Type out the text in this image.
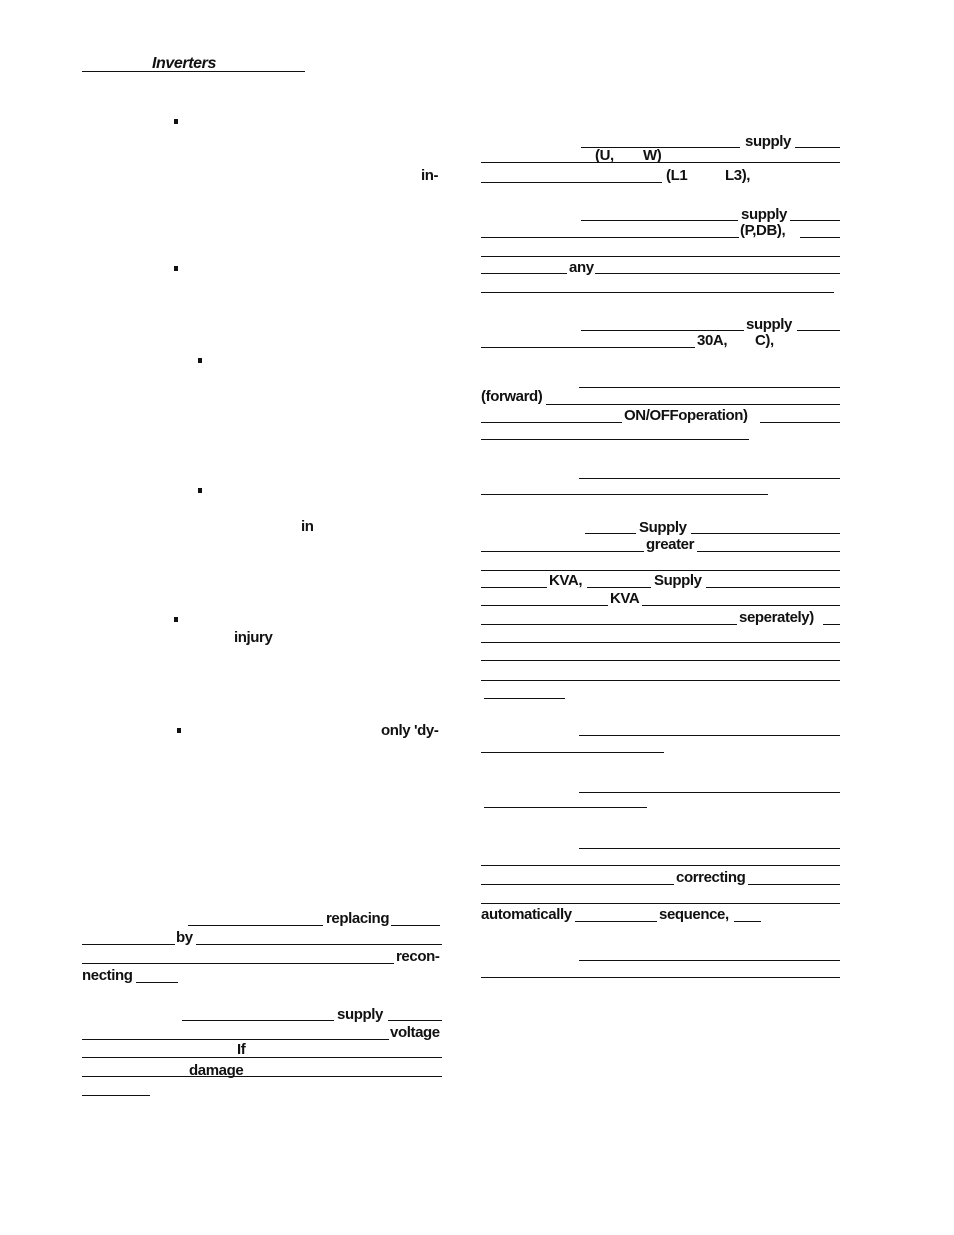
Inverters
in-
in
injury
only 'dy-
replacing
by
recon-
necting
supply
voltage
If
damage
supply
(U, W)
(L1	L3),
supply
(P,DB),
any
supply
30A, C),
(forward)
ON/OFFoperation)
Supply
greater
KVA,	Supply
KVA
seperately)
correcting
automatically	sequence,
